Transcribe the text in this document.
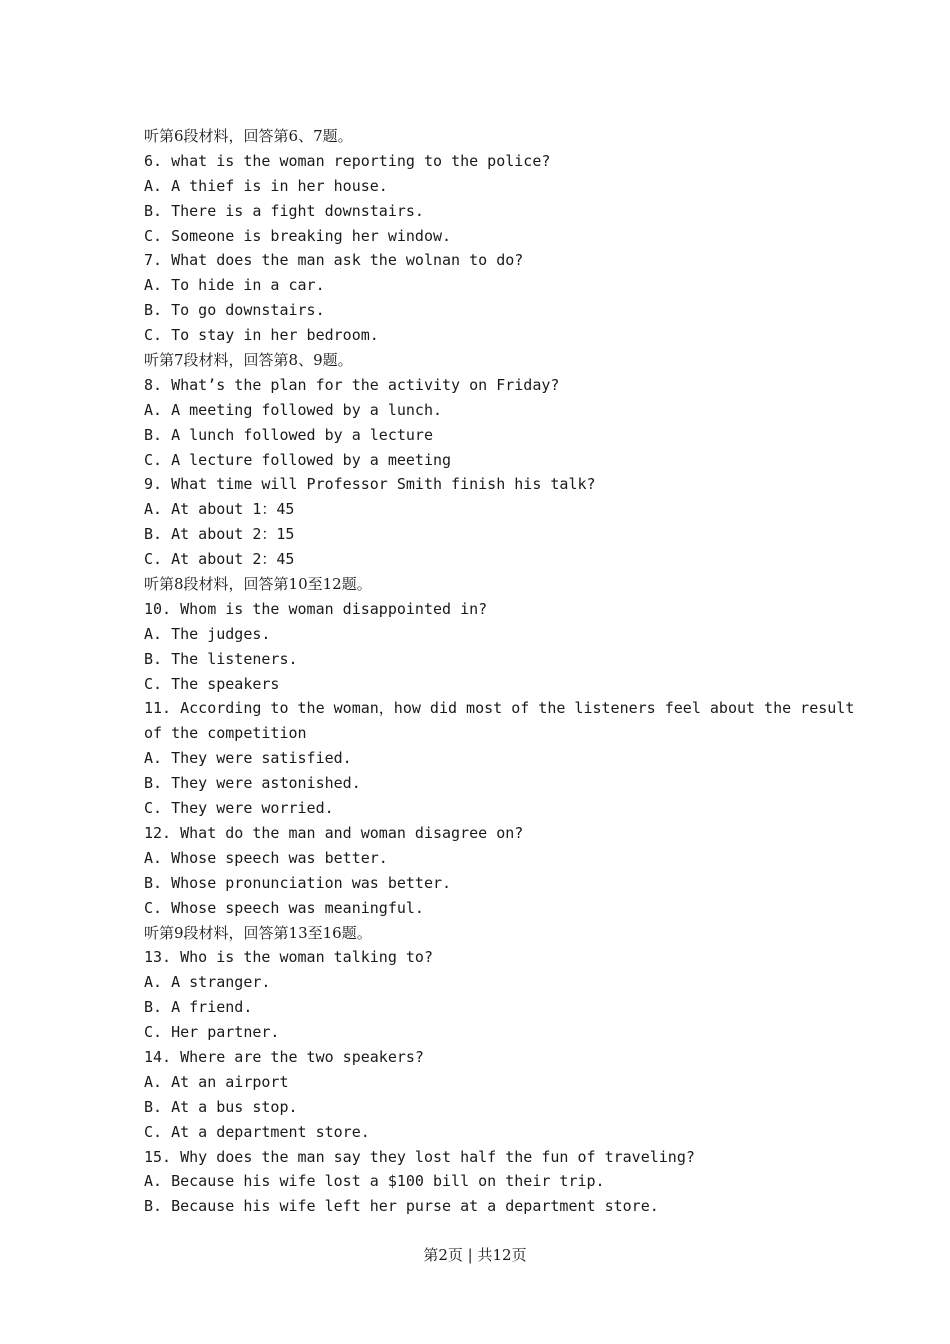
听第6段材料，回答第6、7题。
6. what is the woman reporting to the police?
A. A thief is in her house.
B. There is a fight downstairs.
C. Someone is breaking her window.
7. What does the man ask the wolnan to do?
A. To hide in a car.
B. To go downstairs.
C. To stay in her bedroom.
听第7段材料，回答第8、9题。
8. What’s the plan for the activity on Friday?
A. A meeting followed by a lunch.
B. A lunch followed by a lecture
C. A lecture followed by a meeting
9. What time will Professor Smith finish his talk?
A. At about 1：45
B. At about 2：15
C. At about 2：45
听第8段材料，回答第10至12题。
10. Whom is the woman disappointed in?
A. The judges.
B. The listeners.
C. The speakers
11. According to the woman，how did most of the listeners feel about the result
of the competition
A. They were satisfied.
B. They were astonished.
C. They were worried.
12. What do the man and woman disagree on?
A. Whose speech was better.
B. Whose pronunciation was better.
C. Whose speech was meaningful.
听第9段材料，回答第13至16题。
13. Who is the woman talking to?
A. A stranger.
B. A friend.
C. Her partner.
14. Where are the two speakers?
A. At an airport
B. At a bus stop.
C. At a department store.
15. Why does the man say they lost half the fun of traveling?
A. Because his wife lost a $100 bill on their trip.
B. Because his wife left her purse at a department store.
第2页 | 共12页
